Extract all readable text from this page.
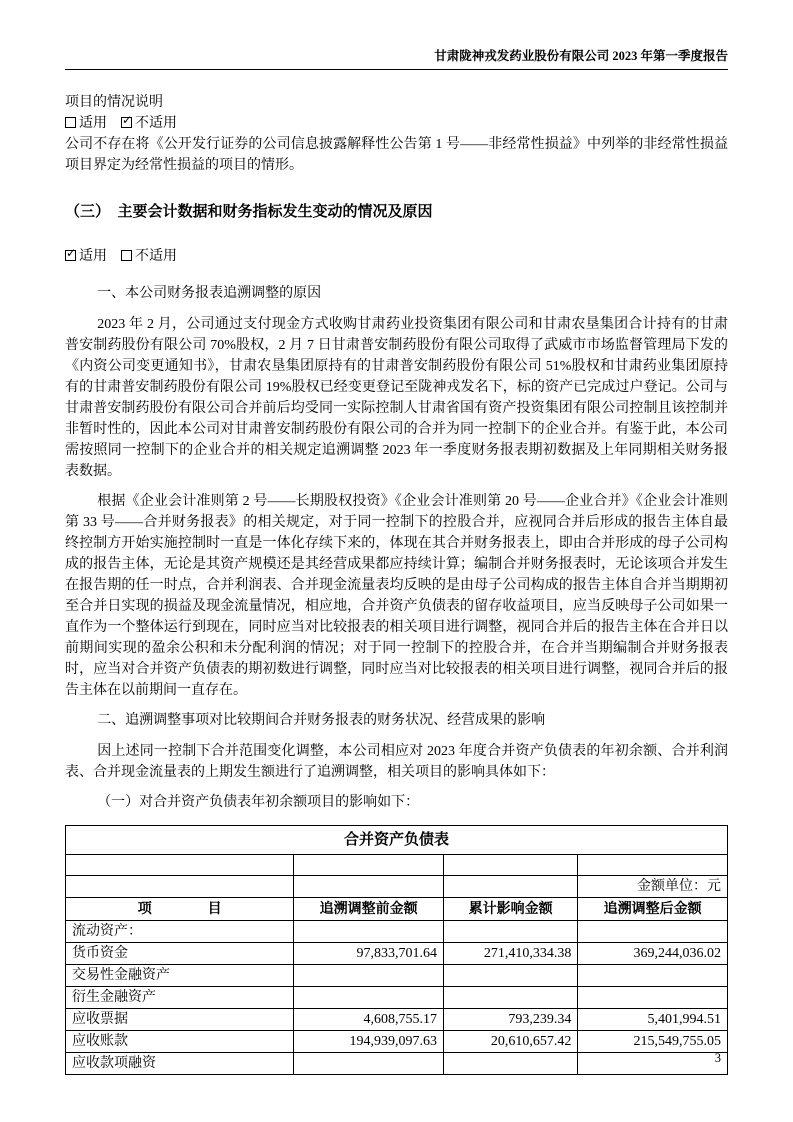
甘肃陇神戎发药业股份有限公司 2023 年第一季度报告

项目的情况说明

适用 ✓ 不适用

公司不存在将《公开发行证券的公司信息披露解释性公告第 1 号——非经常性损益》中列举的非经常性损益项目界定为经常性损益的项目的情形。

（三）　主要会计数据和财务指标发生变动的情况及原因

✓适用 不适用

一、本公司财务报表追溯调整的原因

2023 年 2 月，公司通过支付现金方式收购甘肃药业投资集团有限公司和甘肃农垦集团合计持有的甘肃普安制药股份有限公司 70%股权，2 月 7 日甘肃普安制药股份有限公司取得了武威市市场监督管理局下发的《内资公司变更通知书》，甘肃农垦集团原持有的甘肃普安制药股份有限公司 51%股权和甘肃药业集团原持有的甘肃普安制药股份有限公司 19%股权已经变更登记至陇神戎发名下，标的资产已完成过户登记。公司与甘肃普安制药股份有限公司合并前后均受同一实际控制人甘肃省国有资产投资集团有限公司控制且该控制并非暂时性的，因此本公司对甘肃普安制药股份有限公司的合并为同一控制下的企业合并。有鉴于此，本公司需按照同一控制下的企业合并的相关规定追溯调整 2023 年一季度财务报表期初数据及上年同期相关财务报表数据。

根据《企业会计准则第 2 号——长期股权投资》《企业会计准则第 20 号——企业合并》《企业会计准则第 33 号——合并财务报表》的相关规定，对于同一控制下的控股合并，应视同合并后形成的报告主体自最终控制方开始实施控制时一直是一体化存续下来的，体现在其合并财务报表上，即由合并形成的母子公司构成的报告主体，无论是其资产规模还是其经营成果都应持续计算；编制合并财务报表时，无论该项合并发生在报告期的任一时点，合并利润表、合并现金流量表均反映的是由母子公司构成的报告主体自合并当期期初至合并日实现的损益及现金流量情况，相应地，合并资产负债表的留存收益项目，应当反映母子公司如果一直作为一个整体运行到现在，同时应当对比较报表的相关项目进行调整，视同合并后的报告主体在合并日以前期间实现的盈余公积和未分配利润的情况；对于同一控制下的控股合并，在合并当期编制合并财务报表时，应当对合并资产负债表的期初数进行调整，同时应当对比较报表的相关项目进行调整，视同合并后的报告主体在以前期间一直存在。

二、追溯调整事项对比较期间合并财务报表的财务状况、经营成果的影响

因上述同一控制下合并范围变化调整，本公司相应对 2023 年度合并资产负债表的年初余额、合并利润表、合并现金流量表的上期发生额进行了追溯调整，相关项目的影响具体如下：

（一）对合并资产负债表年初余额项目的影响如下：

合并资产负债表			

			金额单位：元
项　　　　目	追溯调整前金额	累计影响金额	追溯调整后金额
流动资产：			
货币资金	97,833,701.64	271,410,334.38	369,244,036.02
交易性金融资产			
衍生金融资产			
应收票据	4,608,755.17	793,239.34	5,401,994.51
应收账款	194,939,097.63	20,610,657.42	215,549,755.05
应收款项融资				3
